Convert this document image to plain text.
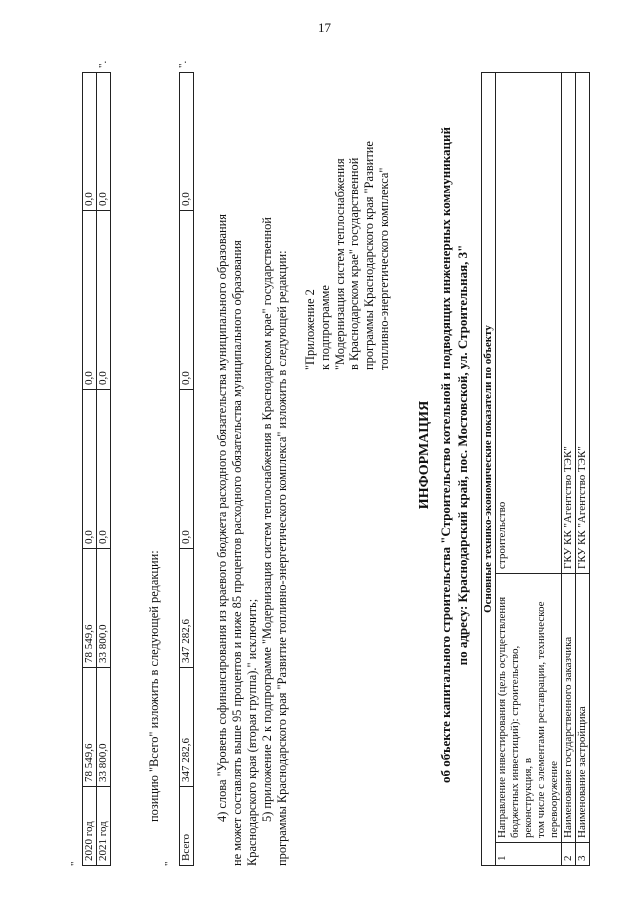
17
"
2020 год	78 549,6	78 549,6	0,0	0,0	0,0
2021 год	33 800,0	33 800,0	0,0	0,0	0,0
".
позицию "Всего" изложить в следующей редакции:
"
Всего	347 282,6	347 282,6	0,0	0,0	0,0
".
4) слова "Уровень софинансирования из краевого бюджета расходного обязательства муниципального образования не может составлять выше 95 процентов и ниже 85 процентов расходного обязательства муниципального образования Краснодарского края (вторая группа)." исключить; 5) приложение 2 к подпрограмме "Модернизация систем теплоснабжения в Краснодарском крае" государственной программы Краснодарского края "Развитие топливно-энергетического комплекса" изложить в следующей редакции: "Приложение 2 к подпрограмме "Модернизация систем теплоснабжения в Краснодарском крае" государственной программы Краснодарского края "Развитие топливно-энергетического комплекса"
ИНФОРМАЦИЯ об объекте капитального строительства "Строительство котельной и подводящих инженерных коммуникаций по адресу: Краснодарский край, пос. Мостовской, ул. Строительная, 3" Основные технико-экономические показатели по объекту		
1	Направление инвестирования (цель осуществления бюджетных инвестиций): строительство, реконструкция, в том числе с элементами реставрации, техническое перевооружение	строительство
2	Наименование государственного заказчика	ГКУ КК "Агентство ТЭК"
3	Наименование застройщика	ГКУ КК "Агентство ТЭК"
